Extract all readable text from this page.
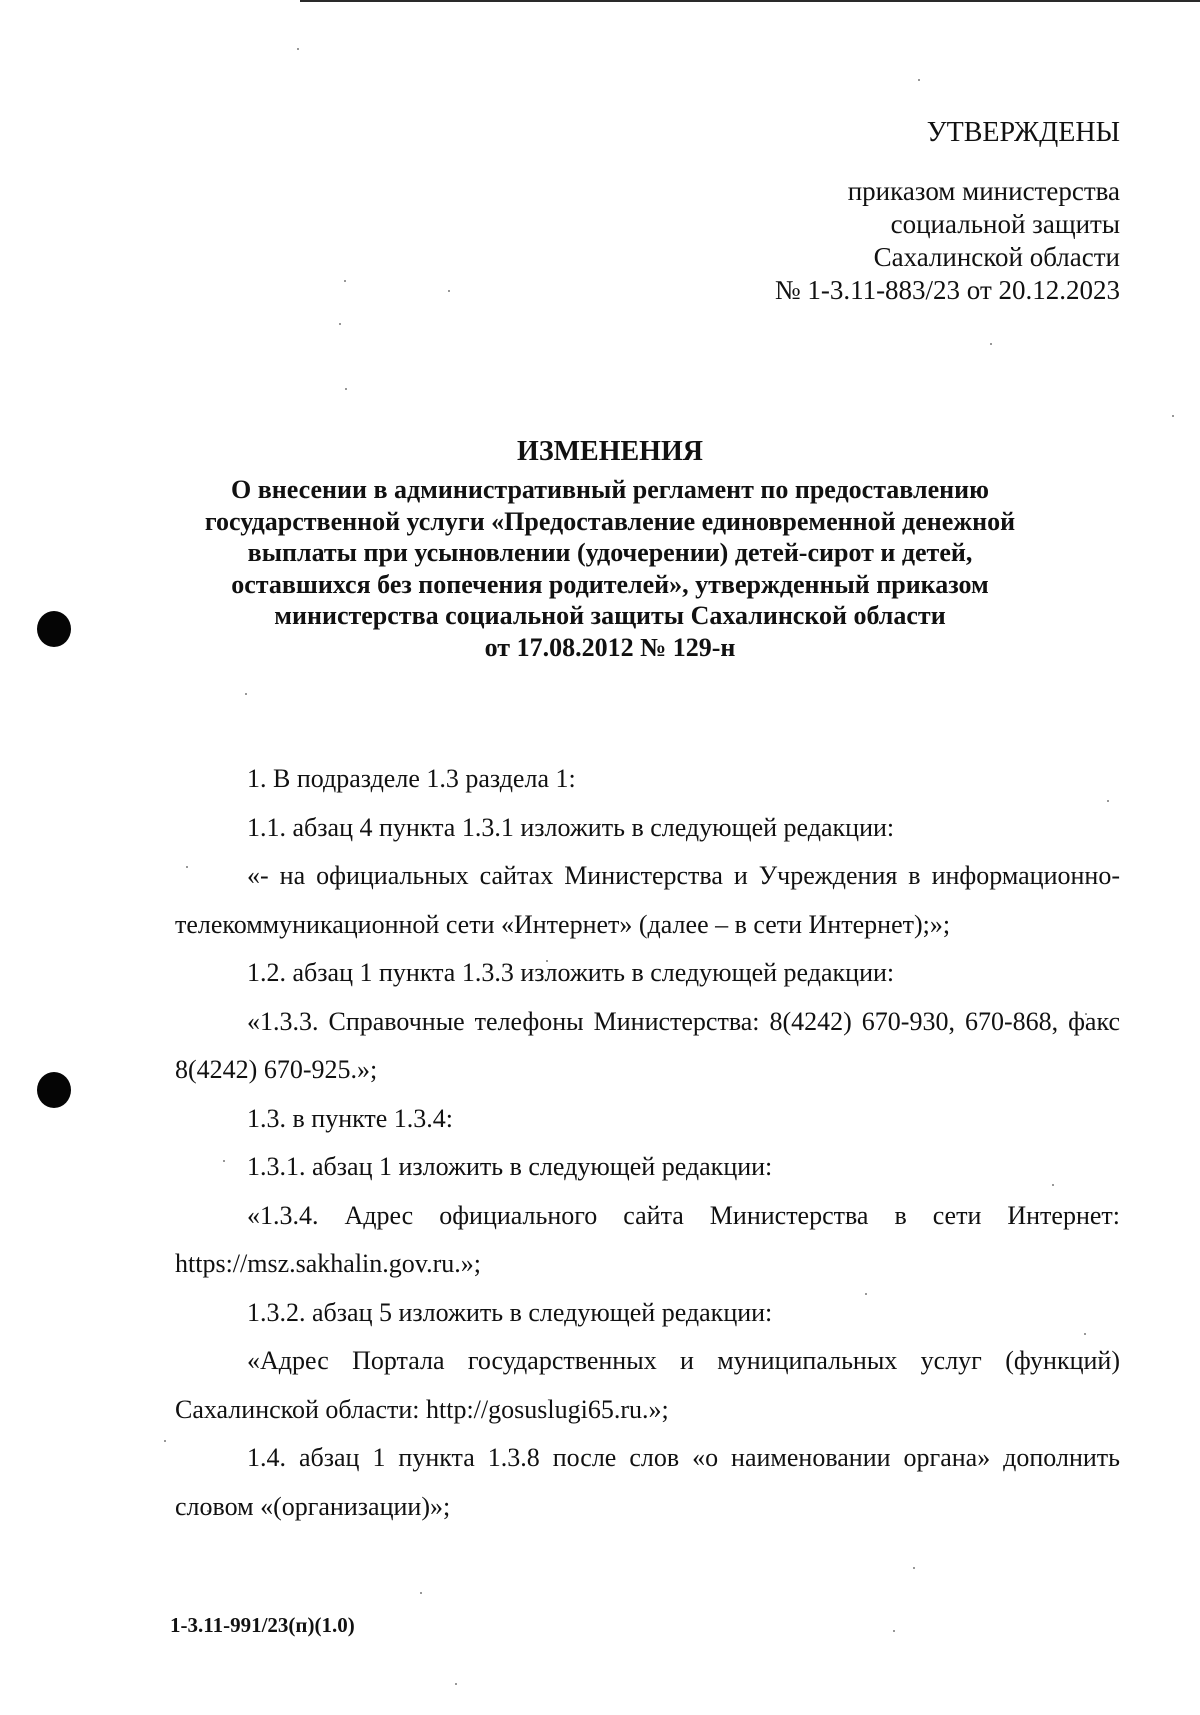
УТВЕРЖДЕНЫ
приказом министерства
социальной защиты
Сахалинской области
№ 1-3.11-883/23 от 20.12.2023
ИЗМЕНЕНИЯ
О внесении в административный регламент по предоставлению
государственной услуги «Предоставление единовременной денежной
выплаты при усыновлении (удочерении) детей-сирот и детей,
оставшихся без попечения родителей», утвержденный приказом
министерства социальной защиты Сахалинской области
от 17.08.2012 № 129-н

1. В подразделе 1.3 раздела 1:

1.1. абзац 4 пункта 1.3.1 изложить в следующей редакции:

«- на официальных сайтах Министерства и Учреждения в информационно-телекоммуникационной сети «Интернет» (далее – в сети Интернет);»;

1.2. абзац 1 пункта 1.3.3 изложить в следующей редакции:

«1.3.3. Справочные телефоны Министерства: 8(4242) 670-930, 670-868, факс 8(4242) 670-925.»;

1.3. в пункте 1.3.4:

1.3.1. абзац 1 изложить в следующей редакции:

«1.3.4. Адрес официального сайта Министерства в сети Интернет: https://msz.sakhalin.gov.ru.»;

1.3.2. абзац 5 изложить в следующей редакции:

«Адрес Портала государственных и муниципальных услуг (функций) Сахалинской области: http://gosuslugi65.ru.»;

1.4. абзац 1 пункта 1.3.8 после слов «о наименовании органа» дополнить словом «(организации)»;

1-3.11-991/23(п)(1.0)
